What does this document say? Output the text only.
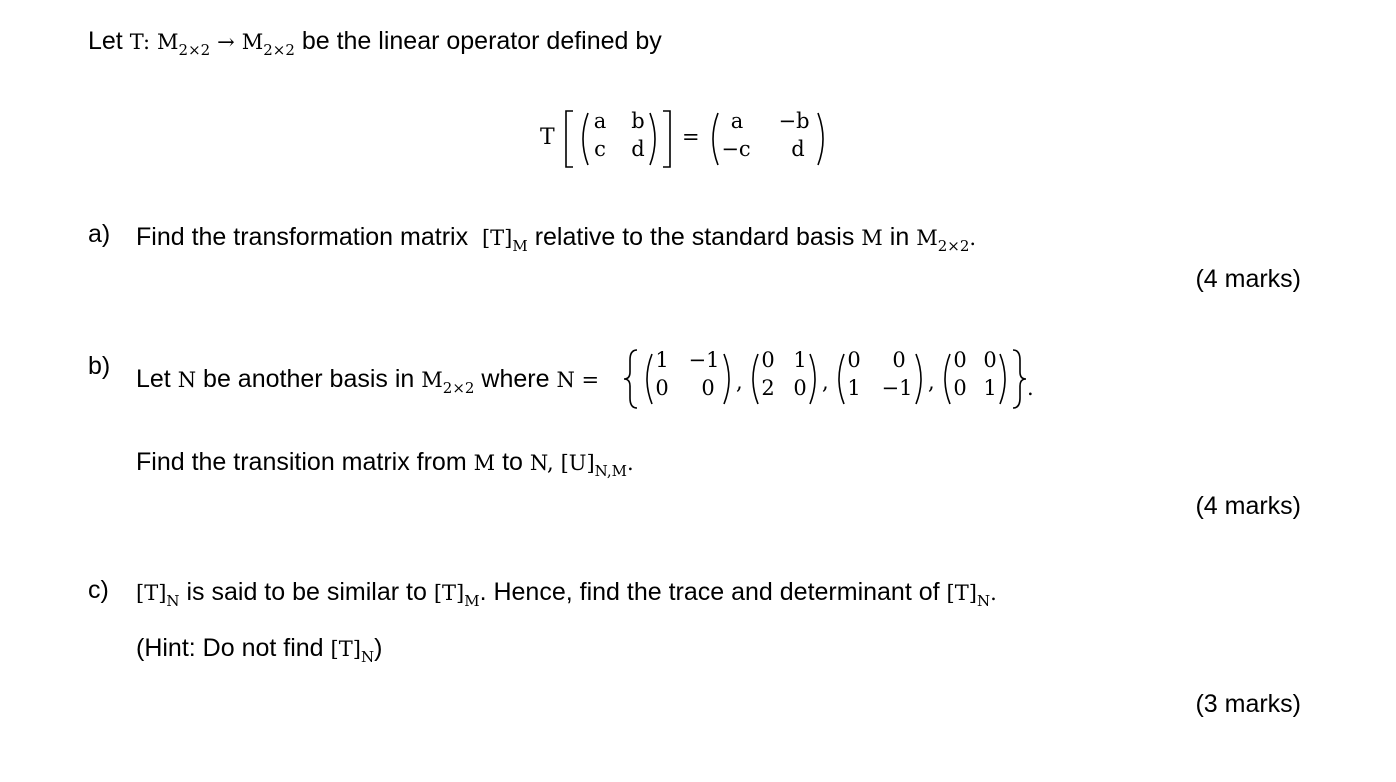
Let T: $M_{2\times 2} \to M_{2\times 2}$ be the linear operator defined by
T
a b
c d =
a	−b
−c	d
a) Find the transformation matrix $[T]_M$ relative to the standard basis M in $M_{2\times 2}$.
(4 marks)
b) Let N be another basis in $M_{2\times 2}$ where N =
1 −1
0	0	,
0 1
2 0 ,
0	0
1 −1 ,
0 0
0 1 .
Find the transition matrix from M to N, $[U]_{N,M}$.
(4 marks)
c) $[T]_N$ is said to be similar to $[T]_M$. Hence, find the trace and determinant of $[T]_N$.
(Hint: Do not find $[T]_N$)
(3 marks)
